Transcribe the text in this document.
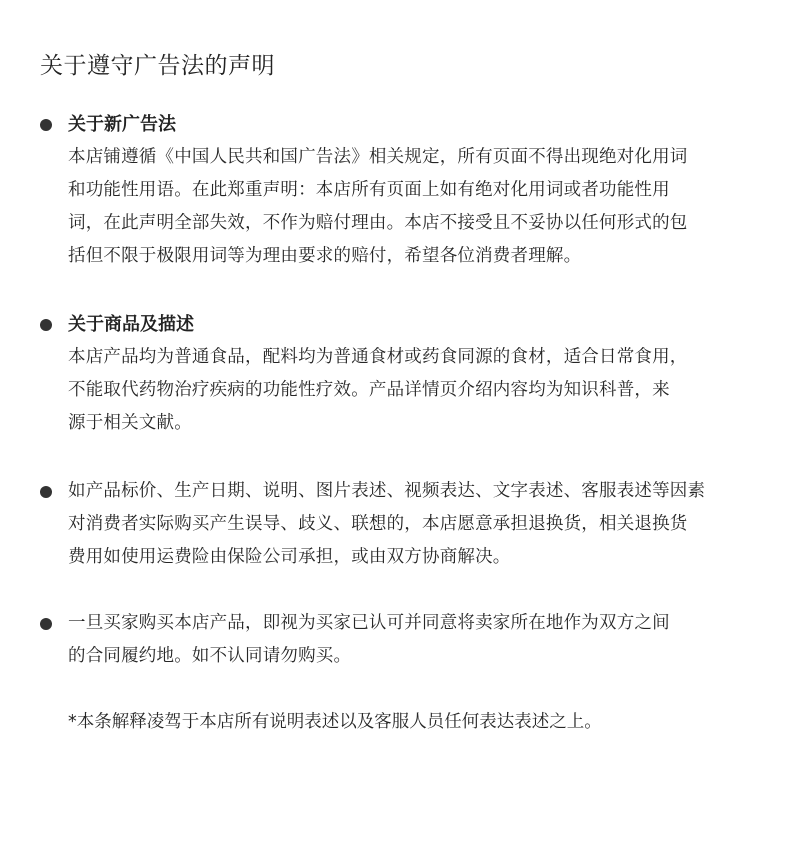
关于遵守广告法的声明

关于新广告法

本店铺遵循《中国人民共和国广告法》相关规定，所有页面不得出现绝对化用词
和功能性用语。在此郑重声明：本店所有页面上如有绝对化用词或者功能性用
词，在此声明全部失效，不作为赔付理由。本店不接受且不妥协以任何形式的包
括但不限于极限用词等为理由要求的赔付，希望各位消费者理解。

关于商品及描述

本店产品均为普通食品，配料均为普通食材或药食同源的食材，适合日常食用，
不能取代药物治疗疾病的功能性疗效。产品详情页介绍内容均为知识科普，来
源于相关文献。

如产品标价、生产日期、说明、图片表述、视频表达、文字表述、客服表述等因素
对消费者实际购买产生误导、歧义、联想的，本店愿意承担退换货，相关退换货
费用如使用运费险由保险公司承担，或由双方协商解决。

一旦买家购买本店产品，即视为买家已认可并同意将卖家所在地作为双方之间
的合同履约地。如不认同请勿购买。

*本条解释凌驾于本店所有说明表述以及客服人员任何表达表述之上。
